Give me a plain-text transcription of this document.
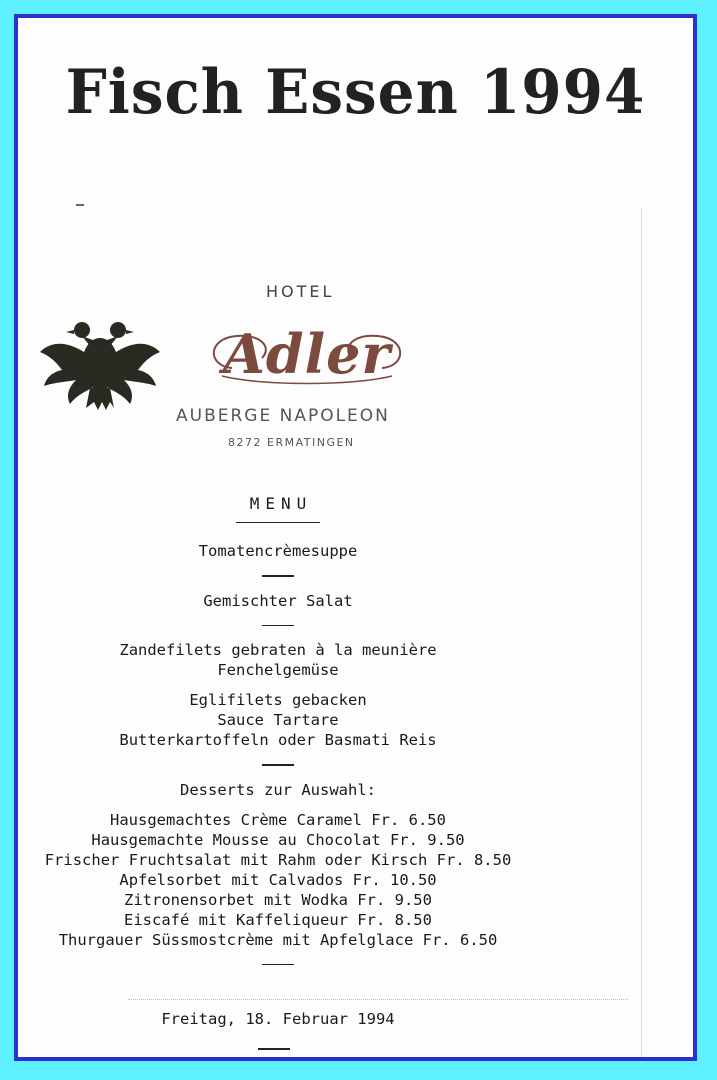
Fisch Essen 1994
HOTEL
Adler
AUBERGE NAPOLEON
8272 ERMATINGEN
MENU
Tomatencrèmesuppe
Gemischter Salat
Zandefilets gebraten à la meunière
Fenchelgemüse
Eglifilets gebacken
Sauce Tartare
Butterkartoffeln oder Basmati Reis
Desserts zur Auswahl:
Hausgemachtes Crème Caramel Fr. 6.50
Hausgemachte Mousse au Chocolat Fr. 9.50
Frischer Fruchtsalat mit Rahm oder Kirsch Fr. 8.50
Apfelsorbet mit Calvados Fr. 10.50
Zitronensorbet mit Wodka Fr. 9.50
Eiscafé mit Kaffeliqueur Fr. 8.50
Thurgauer Süssmostcrème mit Apfelglace Fr. 6.50
Freitag, 18. Februar 1994
